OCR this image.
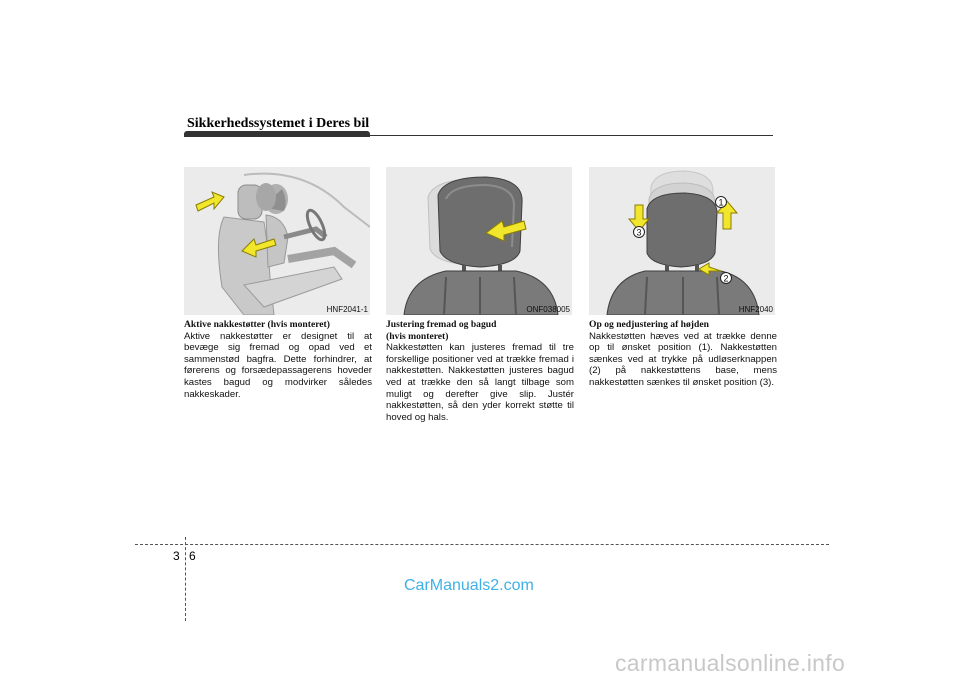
Sikkerhedssystemet i Deres bil
HNF2041-1	ONF038005
1
2
3
HNF2040
Aktive nakkestøtter (hvis monteret)
Aktive nakkestøtter er designet til at bevæge sig fremad og opad ved et sammenstød bagfra. Dette forhindrer, at førerens og forsædepassagerens hoveder kastes bagud og modvirker således nakkeskader.
Justering fremad og bagud (hvis monteret)
Nakkestøtten kan justeres fremad til tre forskellige positioner ved at trække fremad i nakkestøtten. Nakkestøtten justeres bagud ved at trække den så langt tilbage som muligt og derefter give slip. Justér nakkestøtten, så den yder korrekt støtte til hoved og hals.
Op og nedjustering af højden
Nakkestøtten hæves ved at trække denne op til ønsket position (1). Nakkestøtten sænkes ved at trykke på udløserknappen (2) på nakkestøttens base, mens nakkestøtten sænkes til ønsket position (3).
3 6
CarManuals2.com
carmanualsonline.info
